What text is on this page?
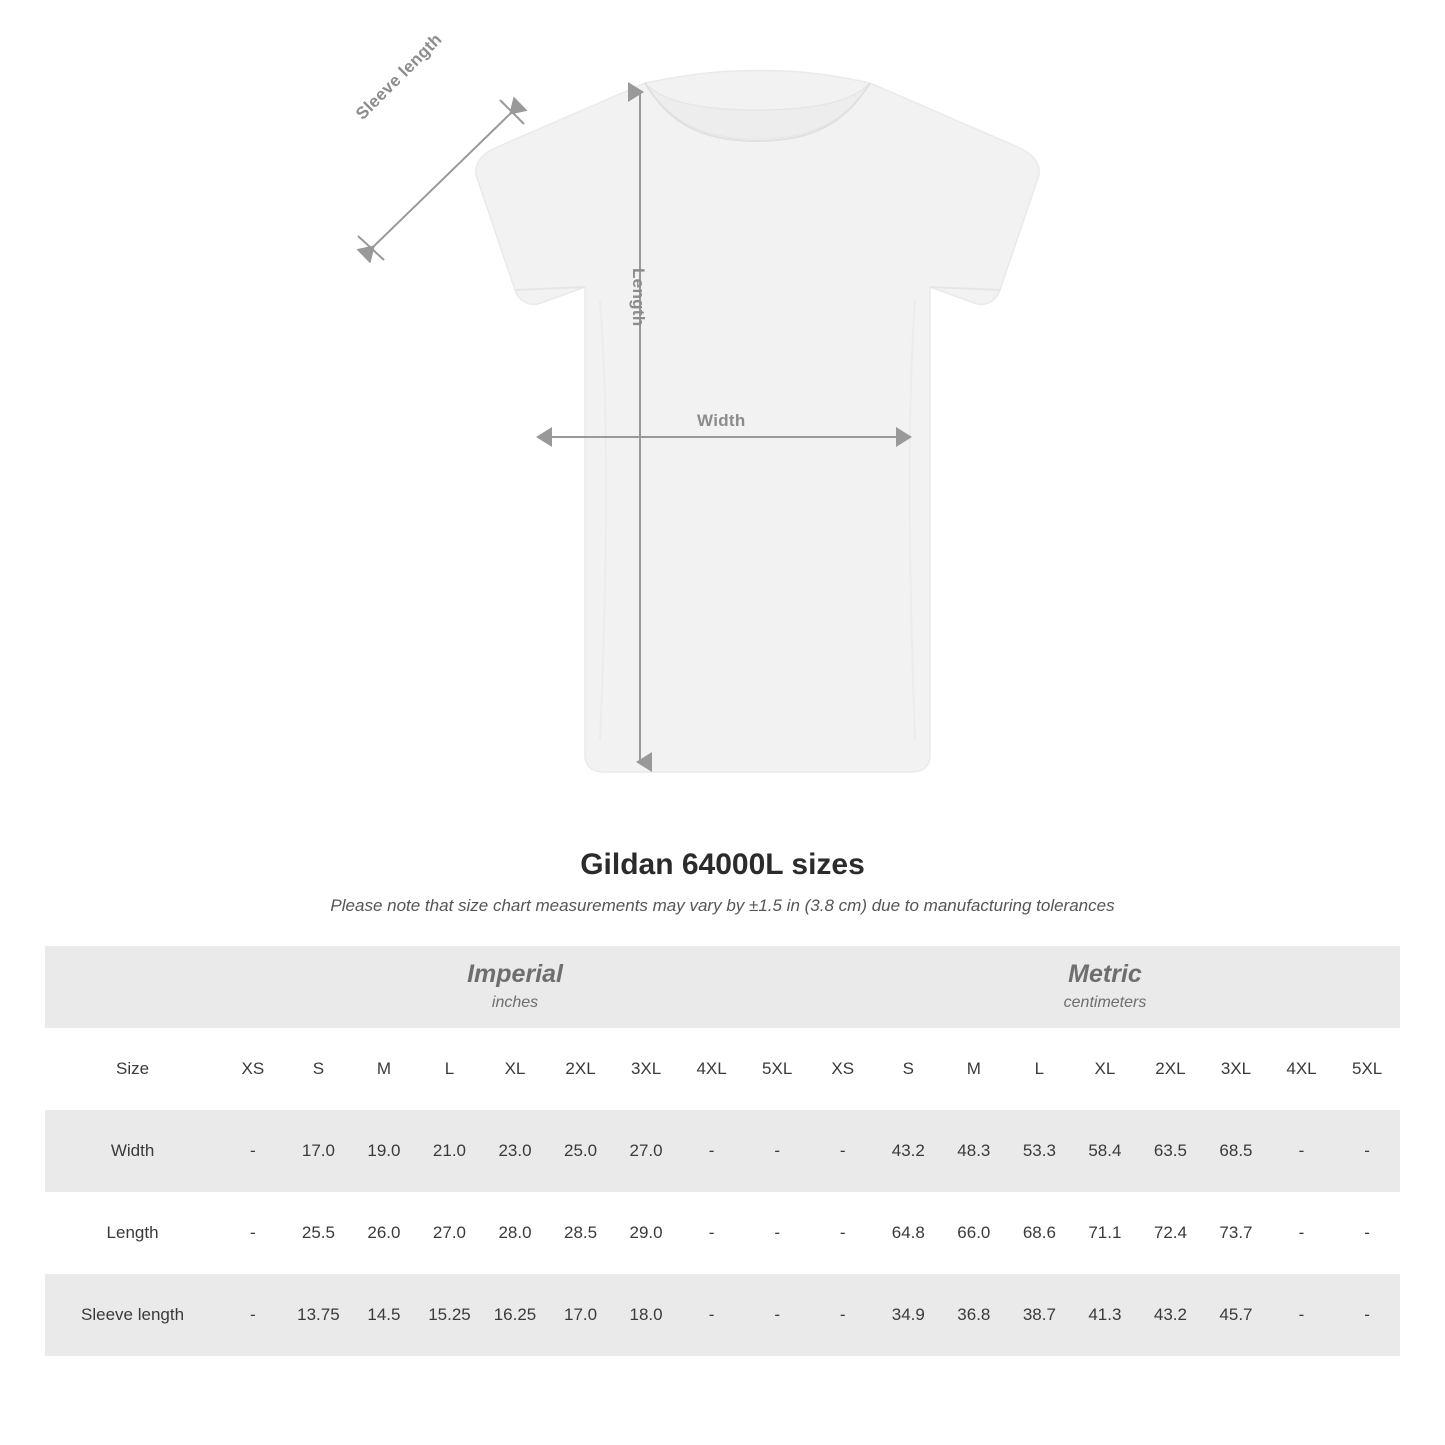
Sleeve length
Length
Width
Gildan 64000L sizes

Please note that size chart measurements may vary by ±1.5 in (3.8 cm) due to manufacturing tolerances

Imperial
inches

Metric
centimeters

Size	XS	S	M	L	XL	2XL	3XL	4XL	5XL	XS	S	M	L	XL	2XL	3XL	4XL	5XL
Width	-	17.0	19.0	21.0	23.0	25.0	27.0	-	-	-	43.2	48.3	53.3	58.4	63.5	68.5	-	-
Length	-	25.5	26.0	27.0	28.0	28.5	29.0	-	-	-	64.8	66.0	68.6	71.1	72.4	73.7	-	-
Sleeve length	-	13.75	14.5	15.25	16.25	17.0	18.0	-	-	-	34.9	36.8	38.7	41.3	43.2	45.7	-	-
